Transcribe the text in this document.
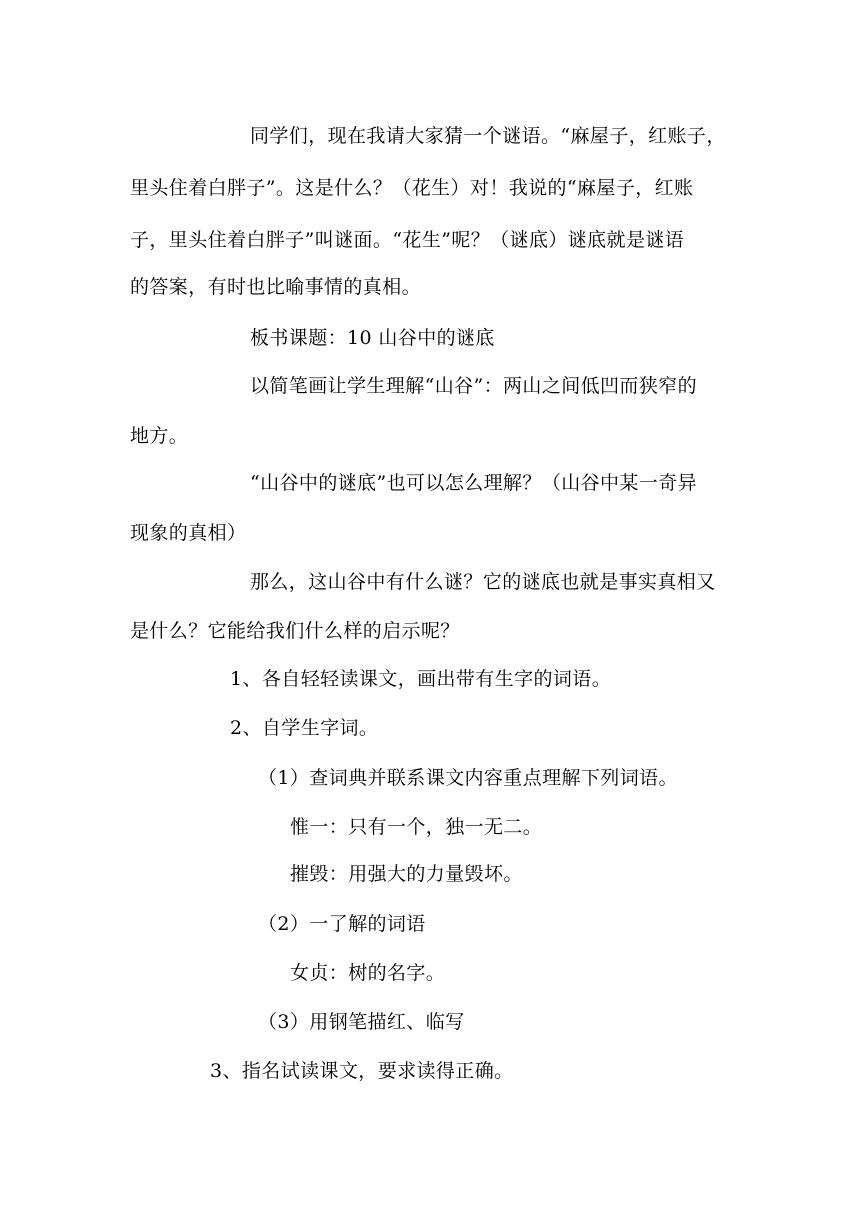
同学们，现在我请大家猜一个谜语。“麻屋子，红账子，
里头住着白胖子”。这是什么？（花生）对！我说的“麻屋子，红账
子，里头住着白胖子”叫谜面。“花生”呢？（谜底）谜底就是谜语
的答案，有时也比喻事情的真相。
板书课题：10 山谷中的谜底
以简笔画让学生理解“山谷”：两山之间低凹而狭窄的
地方。
“山谷中的谜底”也可以怎么理解？（山谷中某一奇异
现象的真相）
那么，这山谷中有什么谜？它的谜底也就是事实真相又
是什么？它能给我们什么样的启示呢？
1、各自轻轻读课文，画出带有生字的词语。
2、自学生字词。
（1）查词典并联系课文内容重点理解下列词语。
惟一：只有一个，独一无二。
摧毁：用强大的力量毁坏。
（2）一了解的词语
女贞：树的名字。
（3）用钢笔描红、临写
3、指名试读课文，要求读得正确。
